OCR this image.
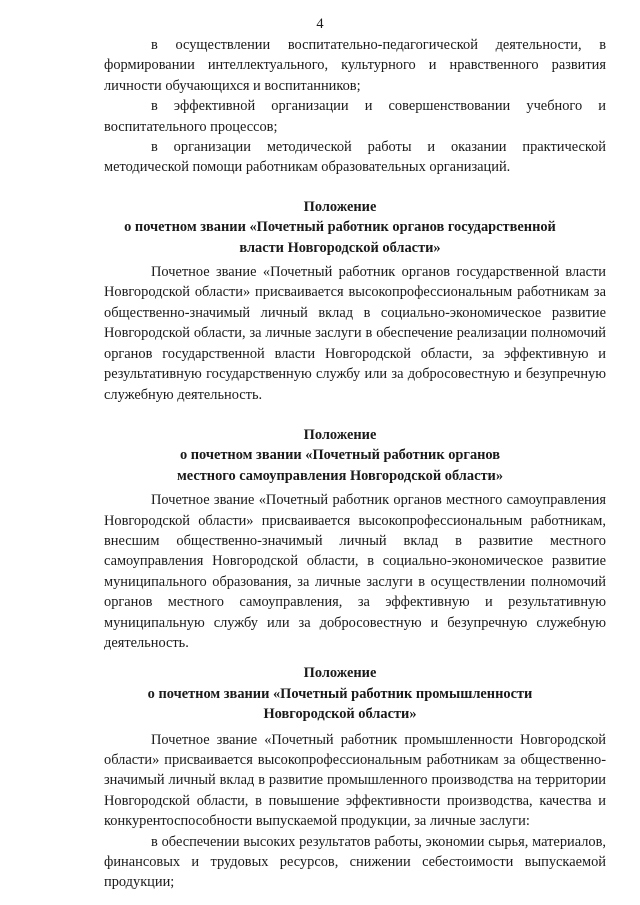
4

в осуществлении воспитательно-педагогической деятельности, в формировании интеллектуального, культурного и нравственного развития личности обучающихся и воспитанников;

в эффективной организации и совершенствовании учебного и воспитательного процессов;

в организации методической работы и оказании практической методической помощи работникам образовательных организаций.

Положение
о почетном звании «Почетный работник органов государственной
власти Новгородской области»

Почетное звание «Почетный работник органов государственной власти Новгородской области» присваивается высокопрофессиональным работникам за общественно-значимый личный вклад в социально-экономическое развитие Новгородской области, за личные заслуги в обеспечение реализации полномочий органов государственной власти Новгородской области, за эффективную и результативную государственную службу или за добросовестную и безупречную служебную деятельность.

Положение
о почетном звании «Почетный работник органов
местного самоуправления Новгородской области»

Почетное звание «Почетный работник органов местного самоуправления Новгородской области» присваивается высокопрофессиональным работникам, внесшим общественно-значимый личный вклад в развитие местного самоуправления Новгородской области, в социально-экономическое развитие муниципального образования, за личные заслуги в осуществлении полномочий органов местного самоуправления, за эффективную и результативную муниципальную службу или за добросовестную и безупречную служебную деятельность.

Положение
о почетном звании «Почетный работник промышленности
Новгородской области»

Почетное звание «Почетный работник промышленности Новгородской области» присваивается высокопрофессиональным работникам за общественно-значимый личный вклад в развитие промышленного производства на территории Новгородской области, в повышение эффективности производства, качества и конкурентоспособности выпускаемой продукции, за личные заслуги:

в обеспечении высоких результатов работы, экономии сырья, материалов, финансовых и трудовых ресурсов, снижении себестоимости выпускаемой продукции;
